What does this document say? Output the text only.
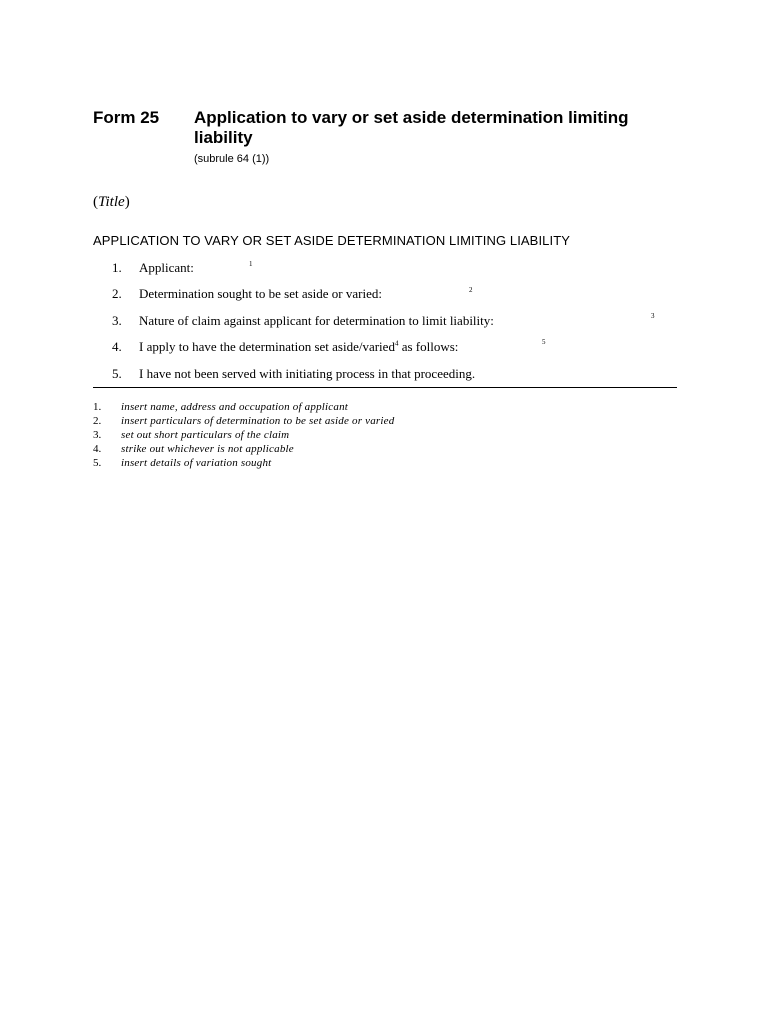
Form 25 Application to vary or set aside determination limiting liability
(subrule 64 (1))
(Title)
APPLICATION TO VARY OR SET ASIDE DETERMINATION LIMITING LIABILITY
1. Applicant:	1
2. Determination sought to be set aside or varied:	2
3. Nature of claim against applicant for determination to limit liability:	3
4. I apply to have the determination set aside/varied$^4$ as follows:	5
5. I have not been served with initiating process in that proceeding.
1. insert name, address and occupation of applicant
2. insert particulars of determination to be set aside or varied
3. set out short particulars of the claim
4. strike out whichever is not applicable
5. insert details of variation sought
